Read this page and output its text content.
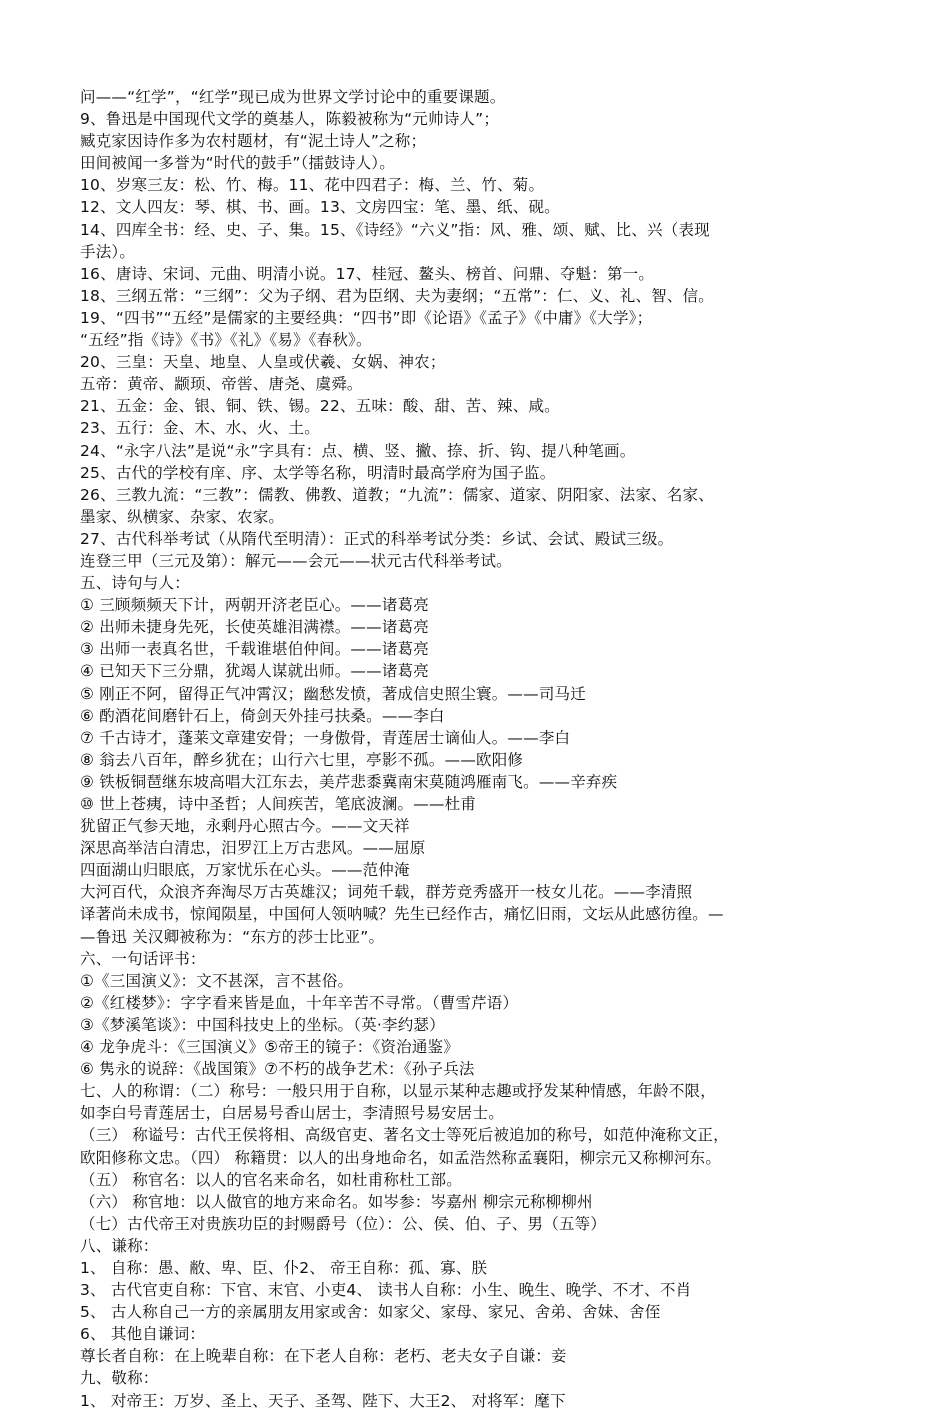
问——“红学”，“红学”现已成为世界文学讨论中的重要课题。
9、鲁迅是中国现代文学的奠基人，陈毅被称为“元帅诗人”；
臧克家因诗作多为农村题材，有“泥土诗人”之称；
田间被闻一多誉为“时代的鼓手”（擂鼓诗人）。
10、岁寒三友：松、竹、梅。11、花中四君子：梅、兰、竹、菊。
12、文人四友：琴、棋、书、画。13、文房四宝：笔、墨、纸、砚。
14、四库全书：经、史、子、集。15、《诗经》“六义”指：风、雅、颂、赋、比、兴（表现
手法）。
16、唐诗、宋词、元曲、明清小说。17、桂冠、鳌头、榜首、问鼎、夺魁：第一。
18、三纲五常：“三纲”：父为子纲、君为臣纲、夫为妻纲；“五常”：仁、义、礼、智、信。
19、“四书”“五经”是儒家的主要经典：“四书”即《论语》《孟子》《中庸》《大学》；
“五经”指《诗》《书》《礼》《易》《春秋》。
20、三皇：天皇、地皇、人皇或伏羲、女娲、神农；
五帝：黄帝、颛顼、帝喾、唐尧、虞舜。
21、五金：金、银、铜、铁、锡。22、五味：酸、甜、苦、辣、咸。
23、五行：金、木、水、火、土。
24、“永字八法”是说“永”字具有：点、横、竖、撇、捺、折、钩、提八种笔画。
25、古代的学校有庠、序、太学等名称，明清时最高学府为国子监。
26、三教九流：“三教”：儒教、佛教、道教；“九流”：儒家、道家、阴阳家、法家、名家、
墨家、纵横家、杂家、农家。
27、古代科举考试（从隋代至明清）：正式的科举考试分类：乡试、会试、殿试三级。
连登三甲（三元及第）：解元——会元——状元古代科举考试。
五、诗句与人：
① 三顾频频天下计，两朝开济老臣心。——诸葛亮
② 出师未捷身先死，长使英雄泪满襟。——诸葛亮
③ 出师一表真名世，千载谁堪伯仲间。——诸葛亮
④ 已知天下三分鼎，犹竭人谋就出师。——诸葛亮
⑤ 刚正不阿，留得正气冲霄汉；幽愁发愤，著成信史照尘寰。——司马迁
⑥ 酌酒花间磨针石上，倚剑天外挂弓扶桑。——李白
⑦ 千古诗才，蓬莱文章建安骨；一身傲骨，青莲居士谪仙人。——李白
⑧ 翁去八百年，醉乡犹在；山行六七里，亭影不孤。——欧阳修
⑨ 铁板铜琶继东坡高唱大江东去，美芹悲黍冀南宋莫随鸿雁南飞。——辛弃疾
⑩ 世上苍痍，诗中圣哲；人间疾苦，笔底波澜。——杜甫
犹留正气参天地，永剩丹心照古今。——文天祥
深思高举洁白清忠，汨罗江上万古悲风。——屈原
四面湖山归眼底，万家忧乐在心头。——范仲淹
大河百代，众浪齐奔淘尽万古英雄汉；词苑千载，群芳竞秀盛开一枝女儿花。——李清照
译著尚未成书，惊闻陨星，中国何人领呐喊？先生已经作古，痛忆旧雨，文坛从此感彷徨。—
—鲁迅 关汉卿被称为：“东方的莎士比亚”。
六、一句话评书：
①《三国演义》：文不甚深，言不甚俗。
②《红楼梦》：字字看来皆是血，十年辛苦不寻常。（曹雪芹语）
③《梦溪笔谈》：中国科技史上的坐标。（英·李约瑟）
④ 龙争虎斗：《三国演义》⑤帝王的镜子：《资治通鉴》
⑥ 隽永的说辞：《战国策》⑦不朽的战争艺术：《孙子兵法
七、人的称谓：（二）称号：一般只用于自称，以显示某种志趣或抒发某种情感，年龄不限，
如李白号青莲居士，白居易号香山居士，李清照号易安居士。
（三） 称谥号：古代王侯将相、高级官吏、著名文士等死后被追加的称号，如范仲淹称文正，
欧阳修称文忠。（四） 称籍贯：以人的出身地命名，如孟浩然称孟襄阳，柳宗元又称柳河东。
（五） 称官名：以人的官名来命名，如杜甫称杜工部。
（六） 称官地：以人做官的地方来命名。如岑参：岑嘉州 柳宗元称柳柳州
（七）古代帝王对贵族功臣的封赐爵号（位）：公、侯、伯、子、男（五等）
八、谦称：
1、 自称：愚、敝、卑、臣、仆2、 帝王自称：孤、寡、朕
3、 古代官吏自称：下官、末官、小吏4、 读书人自称：小生、晚生、晚学、不才、不肖
5、 古人称自己一方的亲属朋友用家或舍：如家父、家母、家兄、舍弟、舍妹、舍侄
6、 其他自谦词：
尊长者自称：在上晚辈自称：在下老人自称：老朽、老夫女子自谦：妾
九、敬称：
1、 对帝王：万岁、圣上、天子、圣驾、陛下、大王2、 对将军：麾下
